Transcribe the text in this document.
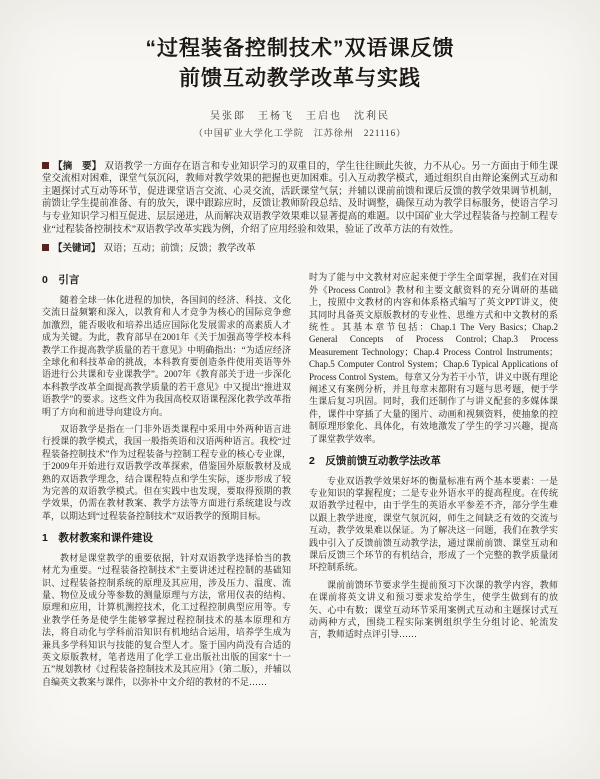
“过程装备控制技术”双语课反馈
前馈互动教学改革与实践
吴张郎　王杨飞　王启也　沈利民
（中国矿业大学化工学院　江苏徐州　221116）
【摘　要】 双语教学一方面存在语言和专业知识学习的双重目的，学生往往顾此失彼，力不从心。另一方面由于师生课堂交流相对困难，课堂气氛沉闷，教师对教学效果的把握也更加困难。引入互动教学模式，通过组织自由辩论案例式互动和主题探讨式互动等环节，促进课堂语言交流、心灵交流，活跃课堂气氛；并辅以课前前馈和课后反馈的教学效果调节机制，前馈让学生提前准备、有的放矢，课中跟踪应时，反馈让教师阶段总结、及时调整，确保互动为教学目标服务，使语言学习与专业知识学习相互促进、层层递进，从而解决双语教学效果难以显著提高的难题。以中国矿业大学过程装备与控制工程专业“过程装备控制技术”双语教学改革实践为例，介绍了应用经验和效果，验证了改革方法的有效性。
【关键词】 双语；互动；前馈；反馈；教学改革
0　引言

随着全球一体化进程的加快，各国间的经济、科技、文化交流日益频繁和深入，以教育和人才竞争为核心的国际竞争愈加激烈，能否吸收和培养出适应国际化发展需求的高素质人才成为关键。为此，教育部早在2001年《关于加强高等学校本科教学工作提高教学质量的若干意见》中明确指出：“为适应经济全球化和科技革命的挑战，本科教育要创造条件使用英语等外语进行公共课和专业课教学”。2007年《教育部关于进一步深化本科教学改革全面提高教学质量的若干意见》中又提出“推进双语教学”的要求。这些文件为我国高校双语课程深化教学改革指明了方向和前进导向建设方向。

双语教学是指在一门非外语类课程中采用中外两种语言进行授课的教学模式，我国一般指英语和汉语两种语言。我校“过程装备控制技术”作为过程装备与控制工程专业的核心专业课，于2009年开始进行双语教学改革探索，借鉴国外原版教材及成熟的双语教学理念，结合课程特点和学生实际，逐步形成了较为完善的双语教学模式。但在实践中也发现，要取得预期的教学效果，仍需在教材教案、教学方法等方面进行系统建设与改革，以期达到“过程装备控制技术”双语教学的预期目标。

1　教材教案和课件建设

教材是课堂教学的重要依据，针对双语教学选择恰当的教材尤为重要。“过程装备控制技术”主要讲述过程控制的基础知识、过程装备控制系统的原理及其应用，涉及压力、温度、流量、物位及成分等参数的测量原理与方法，常用仪表的结构、原理和应用，计算机测控技术，化工过程控制典型应用等。专业教学任务是使学生能够掌握过程控制技术的基本原理和方法，将自动化与学科前沿知识有机地结合运用，培养学生成为兼具多学科知识与技能的复合型人才。鉴于国内尚没有合适的英文原版教材，笔者选用了化学工业出版社出版的国家“十一五”规划教材《过程装备控制技术及其应用》（第二版），并辅以自编英文教案与课件，以弥补中文介绍的教材的不足……

时为了能与中文教材对应起来便于学生全面掌握，我们在对国外《Process Control》教材和主要文献资料的充分调研的基础上，按照中文教材的内容和体系格式编写了英文PPT讲义，使其同时具备英文原版教材的专业性、思维方式和中文教材的系统性。其基本章节包括：Chap.1 The Very Basics；Chap.2 General Concepts of Process Control；Chap.3 Process Measurement Technology；Chap.4 Process Control Instruments；Chap.5 Computer Control System；Chap.6 Typical Applications of Process Control System。每章又分为若干小节，讲义中既有理论阐述又有案例分析，并且每章末都附有习题与思考题，便于学生课后复习巩固。同时，我们还制作了与讲义配套的多媒体课件，课件中穿插了大量的图片、动画和视频资料，使抽象的控制原理形象化、具体化，有效地激发了学生的学习兴趣，提高了课堂教学效率。

2　反馈前馈互动教学法改革

专业双语教学效果好坏的衡量标准有两个基本要素：一是专业知识的掌握程度；二是专业外语水平的提高程度。在传统双语教学过程中，由于学生的英语水平参差不齐，部分学生难以跟上教学进度，课堂气氛沉闷，师生之间缺乏有效的交流与互动，教学效果难以保证。为了解决这一问题，我们在教学实践中引入了反馈前馈互动教学法，通过课前前馈、课堂互动和课后反馈三个环节的有机结合，形成了一个完整的教学质量闭环控制系统。

课前前馈环节要求学生提前预习下次课的教学内容，教师在课前将英文讲义和预习要求发给学生，使学生做到有的放矢、心中有数；课堂互动环节采用案例式互动和主题探讨式互动两种方式，围绕工程实际案例组织学生分组讨论、轮流发言，教师适时点评引导……
